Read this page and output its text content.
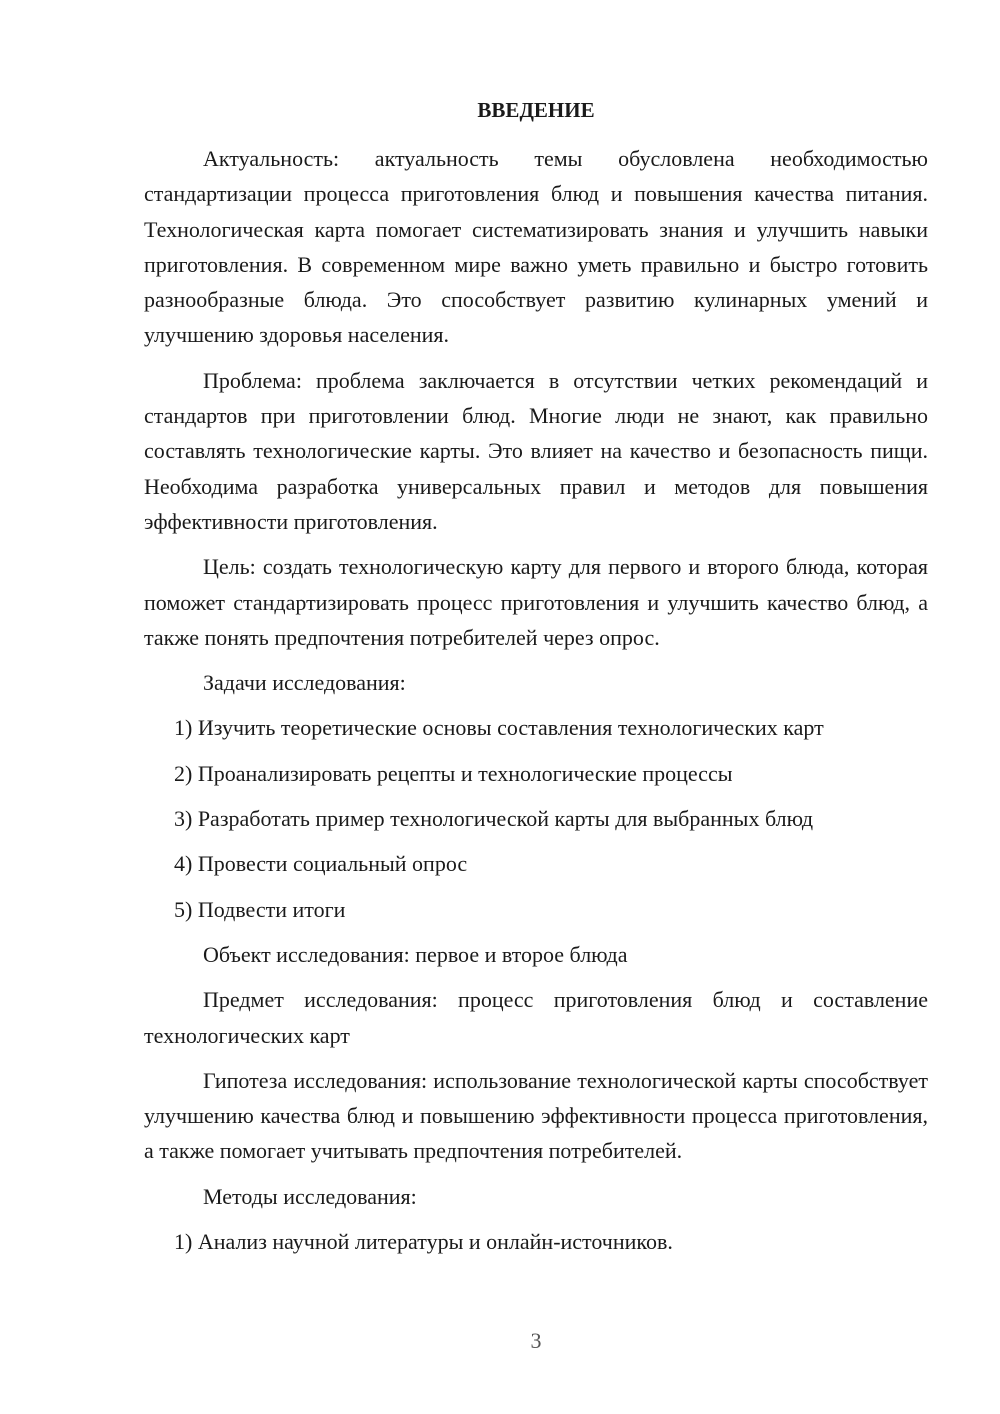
ВВЕДЕНИЕ

Актуальность: актуальность темы обусловлена необходимостью стандартизации процесса приготовления блюд и повышения качества питания. Технологическая карта помогает систематизировать знания и улучшить навыки приготовления. В современном мире важно уметь правильно и быстро готовить разнообразные блюда. Это способствует развитию кулинарных умений и улучшению здоровья населения.

Проблема: проблема заключается в отсутствии четких рекомендаций и стандартов при приготовлении блюд. Многие люди не знают, как правильно составлять технологические карты. Это влияет на качество и безопасность пищи. Необходима разработка универсальных правил и методов для повышения эффективности приготовления.

Цель: создать технологическую карту для первого и второго блюда, которая поможет стандартизировать процесс приготовления и улучшить качество блюд, а также понять предпочтения потребителей через опрос.

Задачи исследования:

1) Изучить теоретические основы составления технологических карт

2) Проанализировать рецепты и технологические процессы

3) Разработать пример технологической карты для выбранных блюд

4) Провести социальный опрос

5) Подвести итоги

Объект исследования: первое и второе блюда

Предмет исследования: процесс приготовления блюд и составление технологических карт

Гипотеза исследования: использование технологической карты способствует улучшению качества блюд и повышению эффективности процесса приготовления, а также помогает учитывать предпочтения потребителей.

Методы исследования:

1) Анализ научной литературы и онлайн-источников.

3
